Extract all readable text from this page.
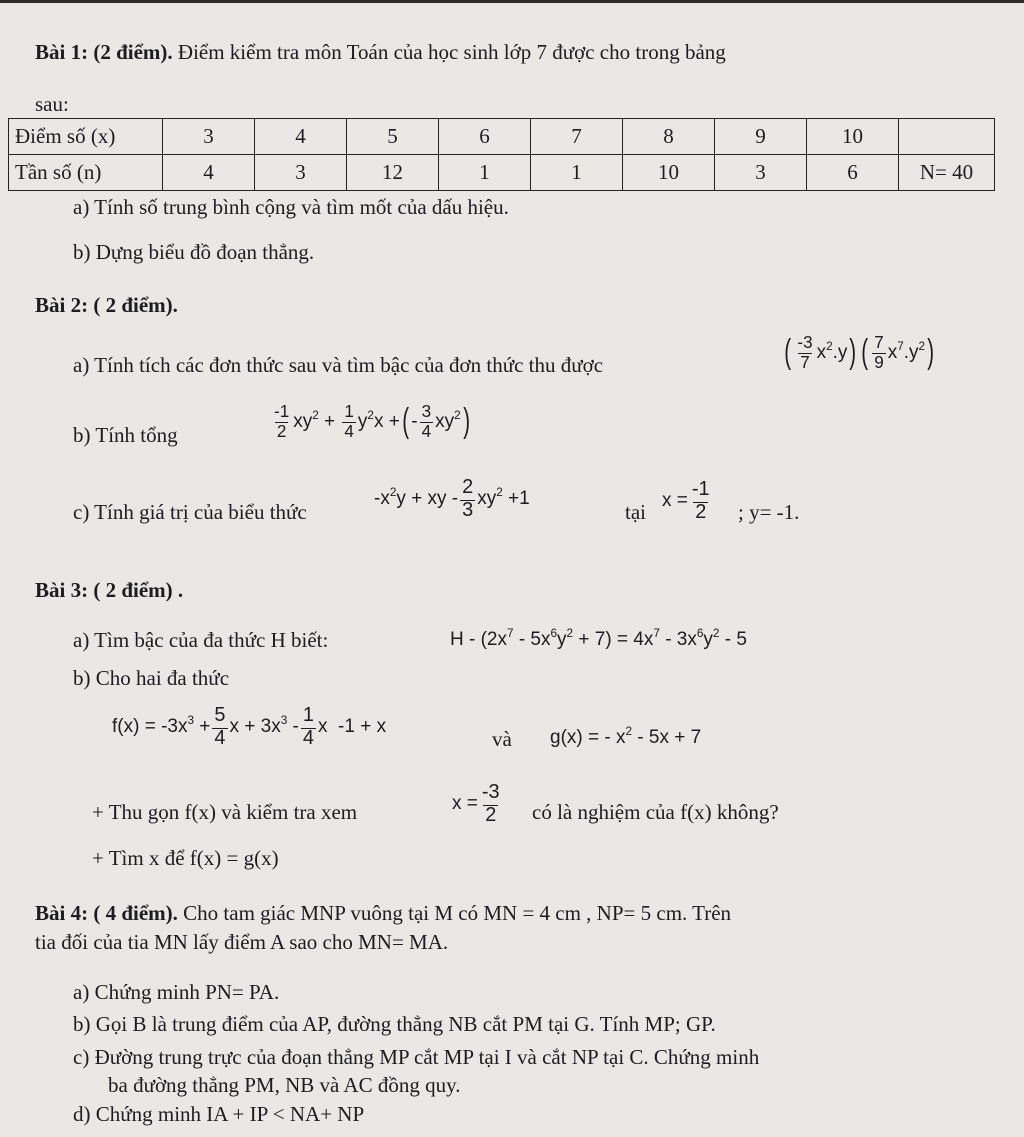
Bài 1: (2 điểm). Điểm kiểm tra môn Toán của học sinh lớp 7 được cho trong bảng
sau:
Điểm số (x)	3	4	5	6	7	8	9	10	
Tần số (n)	4	3	12	1	1	10	3	6	N= 40
a) Tính số trung bình cộng và tìm mốt của dấu hiệu.
b) Dựng biểu đồ đoạn thẳng.
Bài 2: ( 2 điểm).
a) Tính tích các đơn thức sau và tìm bậc của đơn thức thu được	( $\frac{-3}{7}$ x 2 .y ) ( $\frac{7}{9}$ x 7 .y 2 )
b) Tính tổng	$\frac{-1}{2}$ xy $2 + \frac{1}{4}$ y 2 x + ( - $\frac{3}{4}$ xy 2 )
c) Tính giá trị của biểu thức
-x 2 y + xy - $\frac{2}{3}$ xy 2 +1
tại $x = \frac{-1}{2}$ ; y= -1.
Bài 3: ( 2 điểm) .
a) Tìm bậc của đa thức H biết:	H - (2x 7 - 5x 6 y 2 + 7) = 4x 7 - 3x 6 y 2 - 5
b) Cho hai đa thức
f(x) = -3x $3 + \frac{5}{4}$ x + 3x $3 - \frac{1}{4}$ x  -1 + x
và g(x) = - x 2 - 5x + 7
+ Thu gọn f(x) và kiểm tra xem	$x = \frac{-3}{2}$ có là nghiệm của f(x) không?
+ Tìm x để f(x) = g(x)
Bài 4: ( 4 điểm). Cho tam giác MNP vuông tại M có MN = 4 cm , NP= 5 cm. Trên
tia đối của tia MN lấy điểm A sao cho MN= MA.
a) Chứng minh PN= PA.
b) Gọi B là trung điểm của AP, đường thẳng NB cắt PM tại G. Tính MP; GP.
c) Đường trung trực của đoạn thẳng MP cắt MP tại I và cắt NP tại C. Chứng minh
ba đường thẳng PM, NB và AC đồng quy.
d) Chứng minh IA + IP < NA+ NP
